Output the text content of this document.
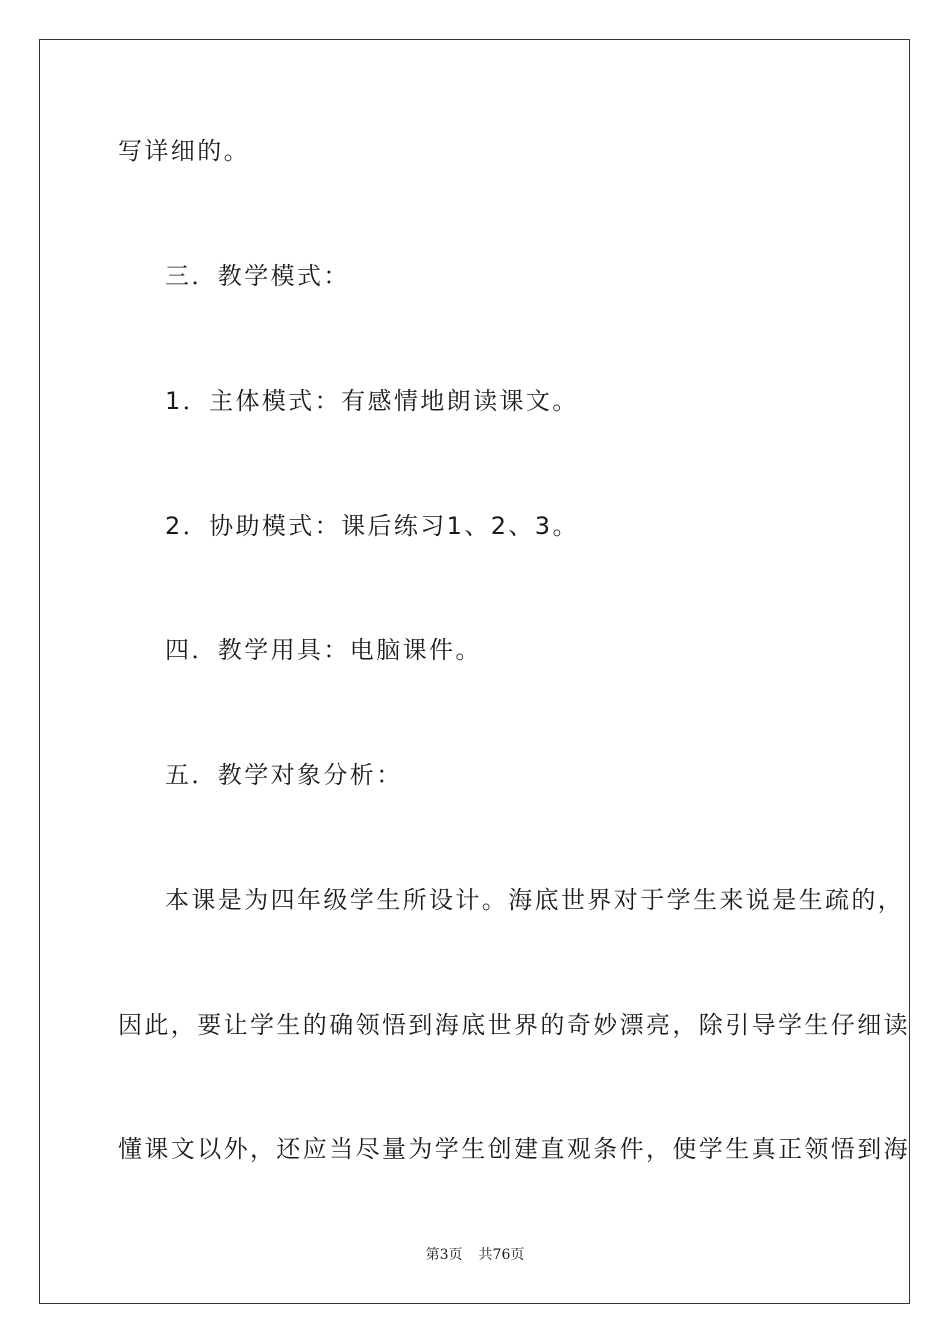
写详细的。
三．教学模式：
1．主体模式：有感情地朗读课文。
2．协助模式：课后练习1、2、3。
四．教学用具：电脑课件。
五．教学对象分析：
本课是为四年级学生所设计。海底世界对于学生来说是生疏的，
因此，要让学生的确领悟到海底世界的奇妙漂亮，除引导学生仔细读
懂课文以外，还应当尽量为学生创建直观条件，使学生真正领悟到海
第3页 共76页
